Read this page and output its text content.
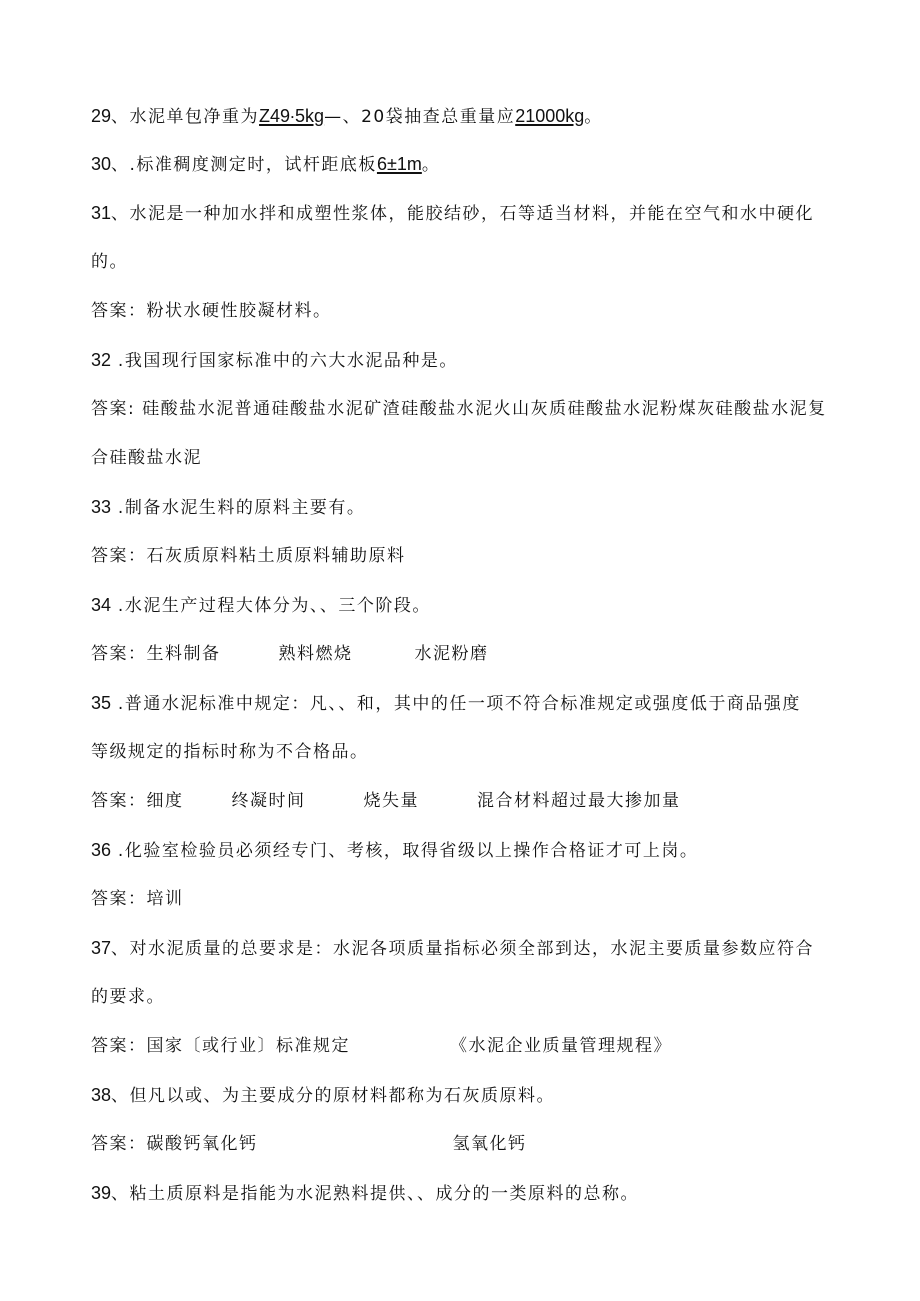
29、水泥单包净重为Z49∙5kg—、20袋抽查总重量应21000kg。
30、.标准稠度测定时，试杆距底板6±1m。
31、水泥是一种加水拌和成塑性浆体，能胶结砂，石等适当材料，并能在空气和水中硬化
的。
答案：粉状水硬性胶凝材料。
32 .我国现行国家标准中的六大水泥品种是。
答案: 硅酸盐水泥普通硅酸盐水泥矿渣硅酸盐水泥火山灰质硅酸盐水泥粉煤灰硅酸盐水泥复
合硅酸盐水泥
33 .制备水泥生料的原料主要有。
答案：石灰质原料粘土质原料辅助原料
34 .水泥生产过程大体分为、、三个阶段。
答案：生料制备	熟料燃烧	水泥粉磨
35 .普通水泥标准中规定：凡、、和，其中的任一项不符合标准规定或强度低于商品强度
等级规定的指标时称为不合格品。
答案：细度	终凝时间	烧失量	混合材料超过最大掺加量
36 .化验室检验员必须经专门、考核，取得省级以上操作合格证才可上岗。
答案：培训
37、对水泥质量的总要求是：水泥各项质量指标必须全部到达，水泥主要质量参数应符合
的要求。
答案：国家〔或行业〕标准规定	《水泥企业质量管理规程》
38、但凡以或、为主要成分的原材料都称为石灰质原料。
答案：碳酸钙氧化钙	氢氧化钙
39、粘土质原料是指能为水泥熟料提供、、成分的一类原料的总称。
